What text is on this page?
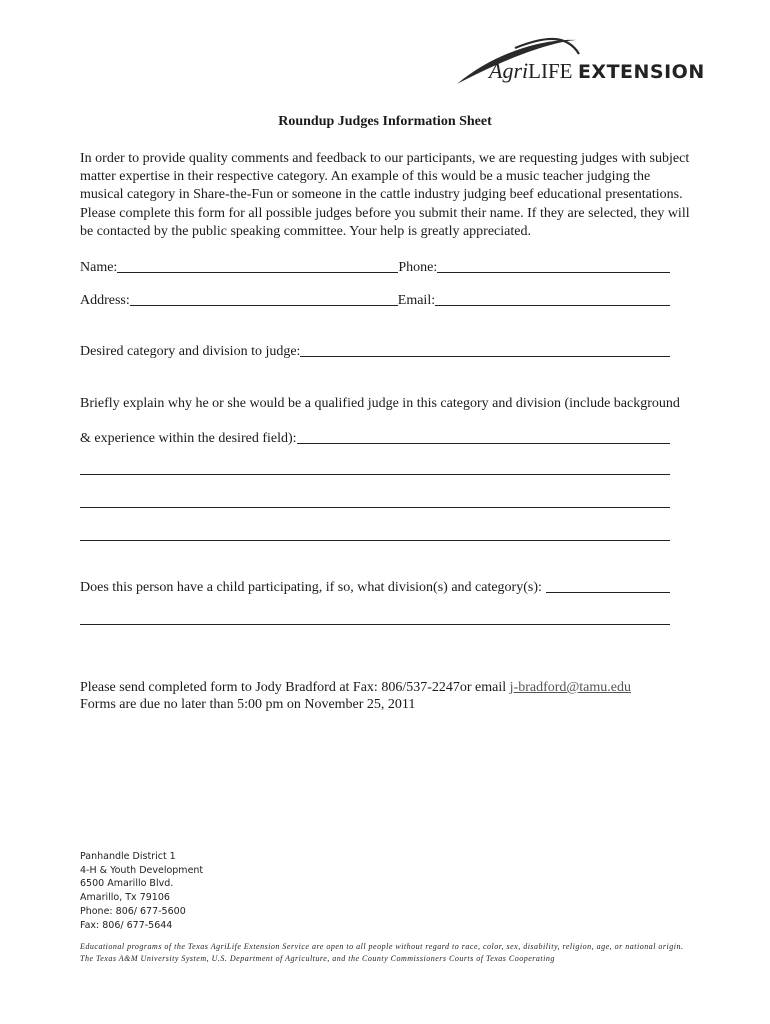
AgriLIFE EXTENSION
Roundup Judges Information Sheet
In order to provide quality comments and feedback to our participants, we are requesting judges with subject matter expertise in their respective category. An example of this would be a music teacher judging the musical category in Share-the-Fun or someone in the cattle industry judging beef educational presentations. Please complete this form for all possible judges before you submit their name. If they are selected, they will be contacted by the public speaking committee. Your help is greatly appreciated.
Name:	Phone:
Address:	Email:
Desired category and division to judge:
Briefly explain why he or she would be a qualified judge in this category and division (include background
& experience within the desired field):
Does this person have a child participating, if so, what division(s) and category(s):
Please send completed form to Jody Bradford at Fax: 806/537-2247or email j-bradford@tamu.edu
Forms are due no later than 5:00 pm on November 25, 2011
Panhandle District 1
4-H & Youth Development
6500 Amarillo Blvd.
Amarillo, Tx 79106
Phone: 806/ 677-5600
Fax: 806/ 677-5644
Educational programs of the Texas AgriLife Extension Service are open to all people without regard to race, color, sex, disability, religion, age, or national origin.
The Texas A&M University System, U.S. Department of Agriculture, and the County Commissioners Courts of Texas Cooperating
